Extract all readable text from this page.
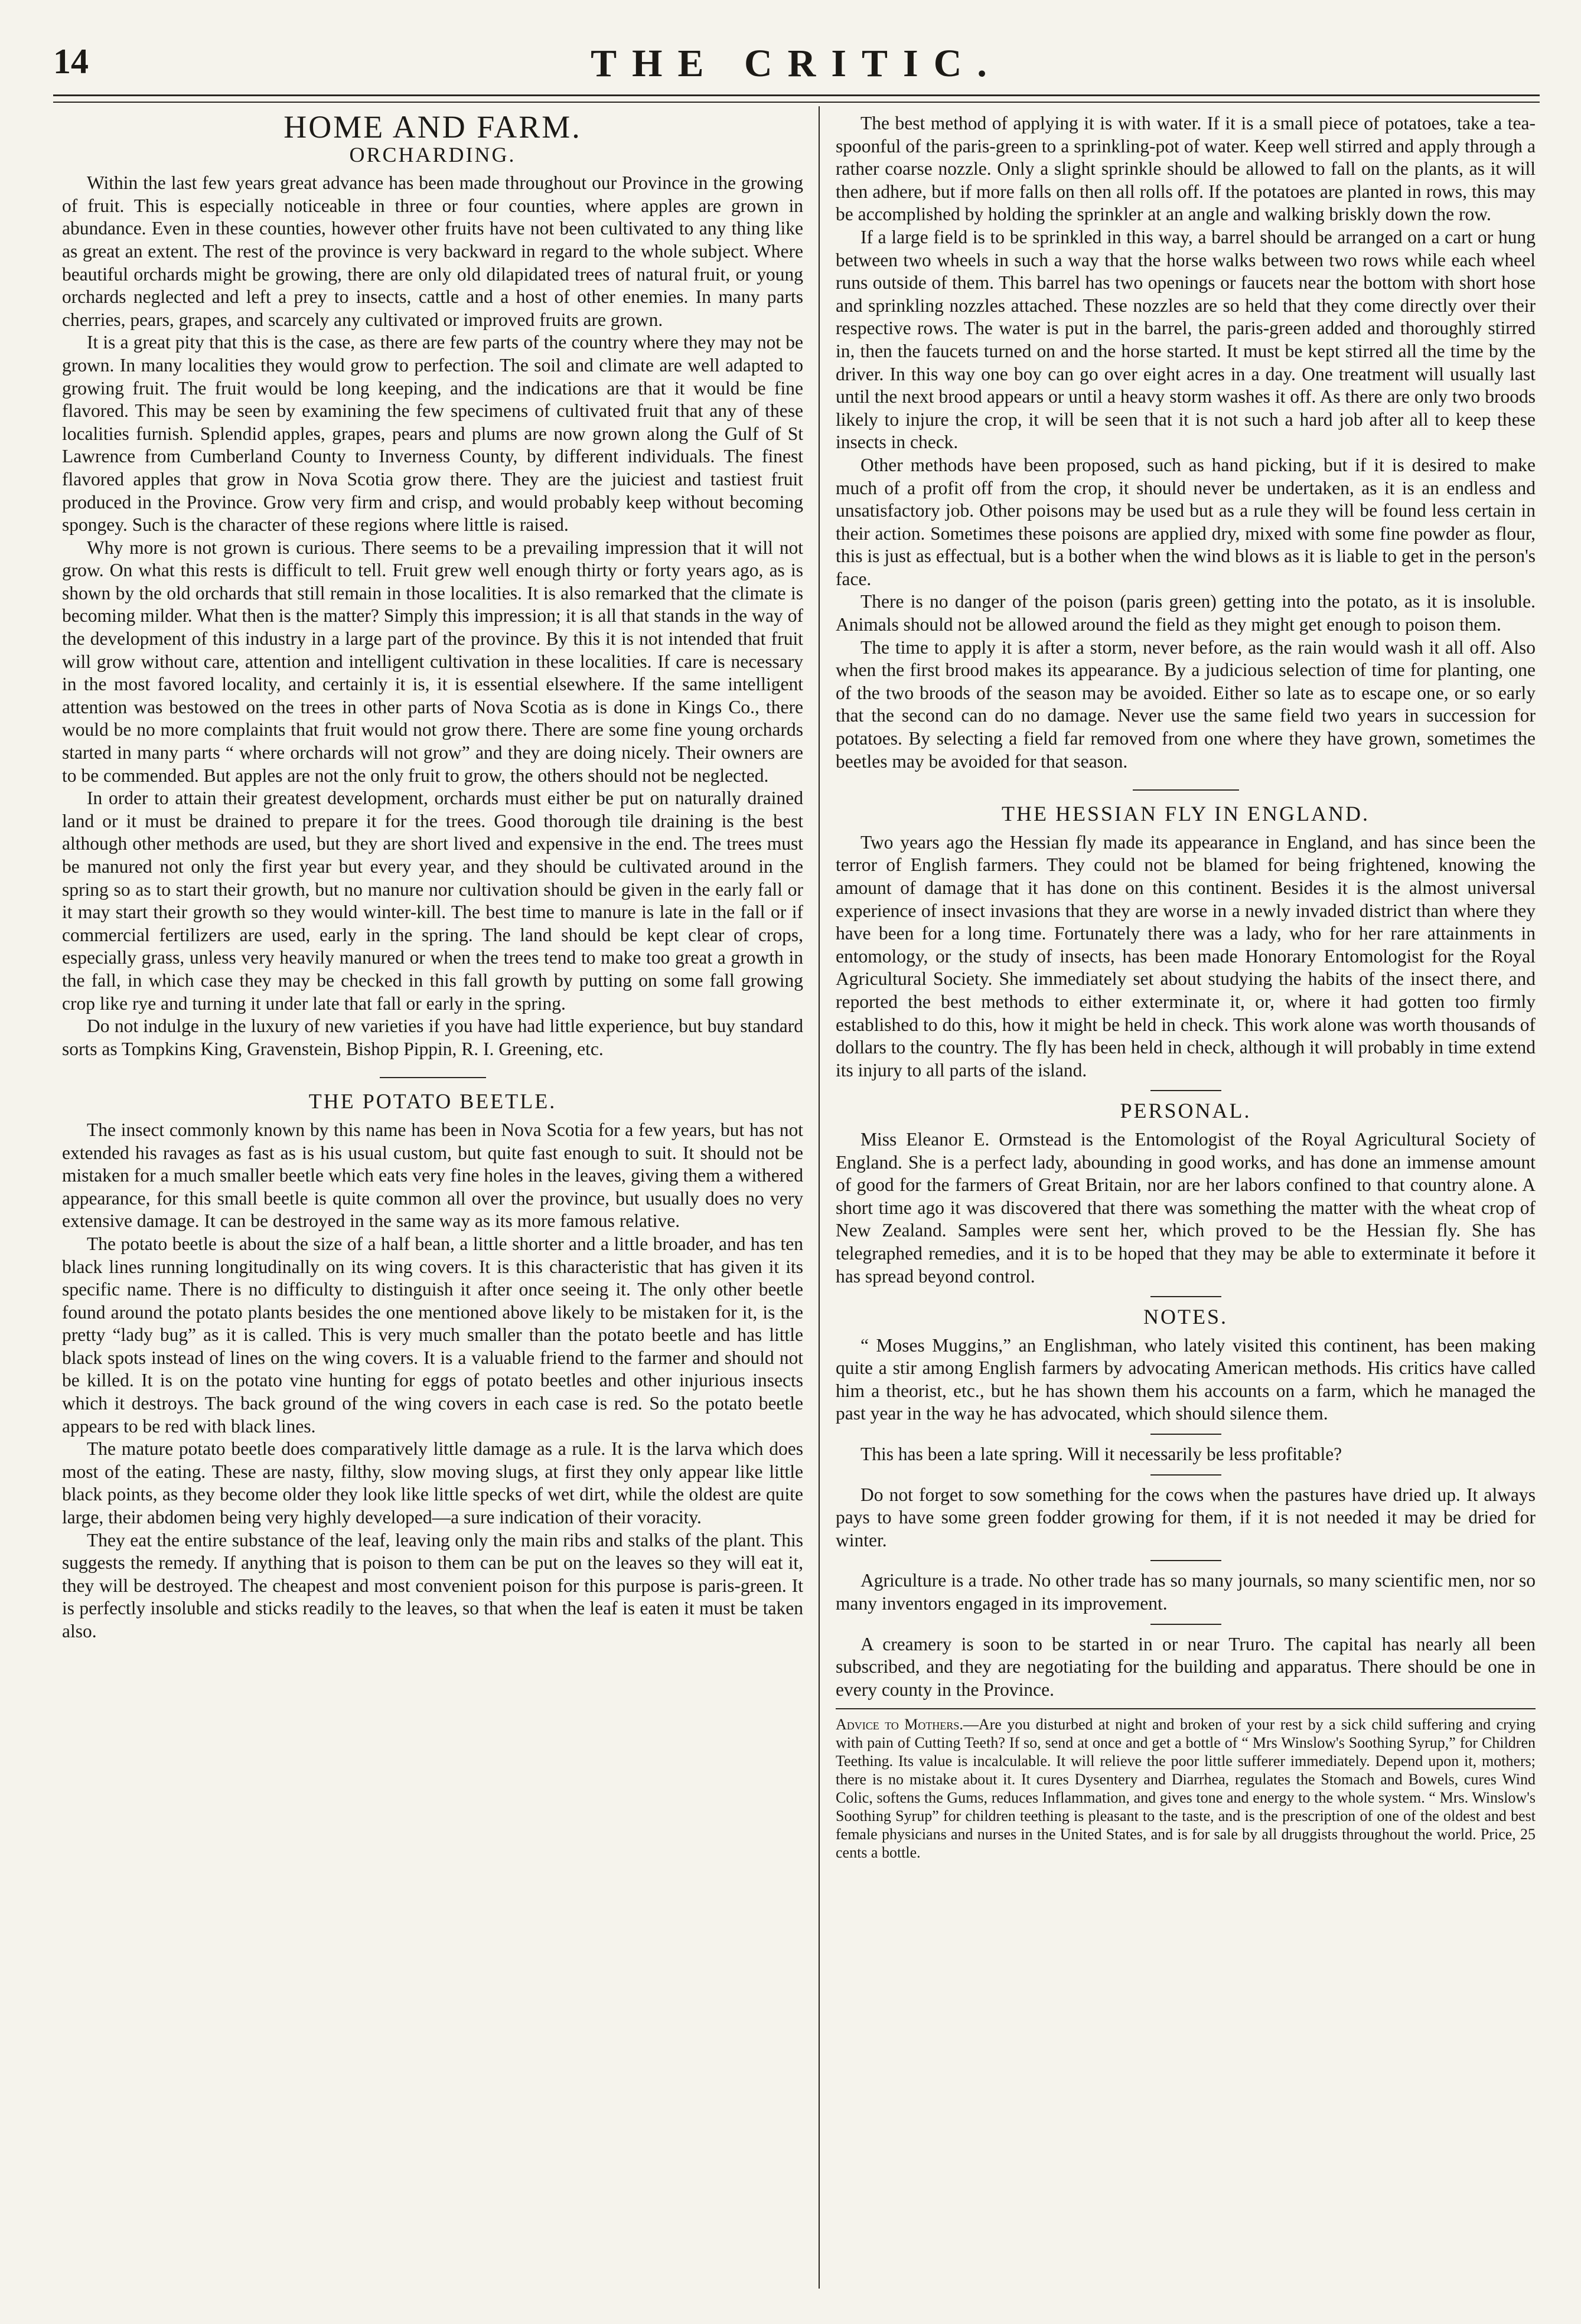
14	THE CRITIC.
HOME AND FARM.
ORCHARDING.

Within the last few years great advance has been made throughout our Province in the growing of fruit. This is especially noticeable in three or four counties, where apples are grown in abundance. Even in these counties, however other fruits have not been cultivated to any thing like as great an extent. The rest of the province is very backward in regard to the whole subject. Where beautiful orchards might be growing, there are only old dilapidated trees of natural fruit, or young orchards neglected and left a prey to insects, cattle and a host of other enemies. In many parts cherries, pears, grapes, and scarcely any cultivated or improved fruits are grown.

It is a great pity that this is the case, as there are few parts of the country where they may not be grown. In many localities they would grow to perfection. The soil and climate are well adapted to growing fruit. The fruit would be long keeping, and the indications are that it would be fine flavored. This may be seen by examining the few specimens of cultivated fruit that any of these localities furnish. Splendid apples, grapes, pears and plums are now grown along the Gulf of St Lawrence from Cumberland County to Inverness County, by different individuals. The finest flavored apples that grow in Nova Scotia grow there. They are the juiciest and tastiest fruit produced in the Province. Grow very firm and crisp, and would probably keep without becoming spongey. Such is the character of these regions where little is raised.

Why more is not grown is curious. There seems to be a prevailing impression that it will not grow. On what this rests is difficult to tell. Fruit grew well enough thirty or forty years ago, as is shown by the old orchards that still remain in those localities. It is also remarked that the climate is becoming milder. What then is the matter? Simply this impression; it is all that stands in the way of the development of this industry in a large part of the province. By this it is not intended that fruit will grow without care, attention and intelligent cultivation in these localities. If care is necessary in the most favored locality, and certainly it is, it is essential elsewhere. If the same intelligent attention was bestowed on the trees in other parts of Nova Scotia as is done in Kings Co., there would be no more complaints that fruit would not grow there. There are some fine young orchards started in many parts “ where orchards will not grow” and they are doing nicely. Their owners are to be commended. But apples are not the only fruit to grow, the others should not be neglected.

In order to attain their greatest development, orchards must either be put on naturally drained land or it must be drained to prepare it for the trees. Good thorough tile draining is the best although other methods are used, but they are short lived and expensive in the end. The trees must be manured not only the first year but every year, and they should be cultivated around in the spring so as to start their growth, but no manure nor cultivation should be given in the early fall or it may start their growth so they would winter-kill. The best time to manure is late in the fall or if commercial fertilizers are used, early in the spring. The land should be kept clear of crops, especially grass, unless very heavily manured or when the trees tend to make too great a growth in the fall, in which case they may be checked in this fall growth by putting on some fall growing crop like rye and turning it under late that fall or early in the spring.

Do not indulge in the luxury of new varieties if you have had little experience, but buy standard sorts as Tompkins King, Gravenstein, Bishop Pippin, R. I. Greening, etc.

THE POTATO BEETLE.

The insect commonly known by this name has been in Nova Scotia for a few years, but has not extended his ravages as fast as is his usual custom, but quite fast enough to suit. It should not be mistaken for a much smaller beetle which eats very fine holes in the leaves, giving them a withered appearance, for this small beetle is quite common all over the province, but usually does no very extensive damage. It can be destroyed in the same way as its more famous relative.

The potato beetle is about the size of a half bean, a little shorter and a little broader, and has ten black lines running longitudinally on its wing covers. It is this characteristic that has given it its specific name. There is no difficulty to distinguish it after once seeing it. The only other beetle found around the potato plants besides the one mentioned above likely to be mistaken for it, is the pretty “lady bug” as it is called. This is very much smaller than the potato beetle and has little black spots instead of lines on the wing covers. It is a valuable friend to the farmer and should not be killed. It is on the potato vine hunting for eggs of potato beetles and other injurious insects which it destroys. The back ground of the wing covers in each case is red. So the potato beetle appears to be red with black lines.

The mature potato beetle does comparatively little damage as a rule. It is the larva which does most of the eating. These are nasty, filthy, slow moving slugs, at first they only appear like little black points, as they become older they look like little specks of wet dirt, while the oldest are quite large, their abdomen being very highly developed—a sure indication of their voracity.

They eat the entire substance of the leaf, leaving only the main ribs and stalks of the plant. This suggests the remedy. If anything that is poison to them can be put on the leaves so they will eat it, they will be destroyed. The cheapest and most convenient poison for this purpose is paris-green. It is perfectly insoluble and sticks readily to the leaves, so that when the leaf is eaten it must be taken also.

The best method of applying it is with water. If it is a small piece of potatoes, take a tea-spoonful of the paris-green to a sprinkling-pot of water. Keep well stirred and apply through a rather coarse nozzle. Only a slight sprinkle should be allowed to fall on the plants, as it will then adhere, but if more falls on then all rolls off. If the potatoes are planted in rows, this may be accomplished by holding the sprinkler at an angle and walking briskly down the row.

If a large field is to be sprinkled in this way, a barrel should be arranged on a cart or hung between two wheels in such a way that the horse walks between two rows while each wheel runs outside of them. This barrel has two openings or faucets near the bottom with short hose and sprinkling nozzles attached. These nozzles are so held that they come directly over their respective rows. The water is put in the barrel, the paris-green added and thoroughly stirred in, then the faucets turned on and the horse started. It must be kept stirred all the time by the driver. In this way one boy can go over eight acres in a day. One treatment will usually last until the next brood appears or until a heavy storm washes it off. As there are only two broods likely to injure the crop, it will be seen that it is not such a hard job after all to keep these insects in check.

Other methods have been proposed, such as hand picking, but if it is desired to make much of a profit off from the crop, it should never be undertaken, as it is an endless and unsatisfactory job. Other poisons may be used but as a rule they will be found less certain in their action. Sometimes these poisons are applied dry, mixed with some fine powder as flour, this is just as effectual, but is a bother when the wind blows as it is liable to get in the person's face.

There is no danger of the poison (paris green) getting into the potato, as it is insoluble. Animals should not be allowed around the field as they might get enough to poison them.

The time to apply it is after a storm, never before, as the rain would wash it all off. Also when the first brood makes its appearance. By a judicious selection of time for planting, one of the two broods of the season may be avoided. Either so late as to escape one, or so early that the second can do no damage. Never use the same field two years in succession for potatoes. By selecting a field far removed from one where they have grown, sometimes the beetles may be avoided for that season.

THE HESSIAN FLY IN ENGLAND.

Two years ago the Hessian fly made its appearance in England, and has since been the terror of English farmers. They could not be blamed for being frightened, knowing the amount of damage that it has done on this continent. Besides it is the almost universal experience of insect invasions that they are worse in a newly invaded district than where they have been for a long time. Fortunately there was a lady, who for her rare attainments in entomology, or the study of insects, has been made Honorary Entomologist for the Royal Agricultural Society. She immediately set about studying the habits of the insect there, and reported the best methods to either exterminate it, or, where it had gotten too firmly established to do this, how it might be held in check. This work alone was worth thousands of dollars to the country. The fly has been held in check, although it will probably in time extend its injury to all parts of the island.

PERSONAL.

Miss Eleanor E. Ormstead is the Entomologist of the Royal Agricultural Society of England. She is a perfect lady, abounding in good works, and has done an immense amount of good for the farmers of Great Britain, nor are her labors confined to that country alone. A short time ago it was discovered that there was something the matter with the wheat crop of New Zealand. Samples were sent her, which proved to be the Hessian fly. She has telegraphed remedies, and it is to be hoped that they may be able to exterminate it before it has spread beyond control.

NOTES.

“ Moses Muggins,” an Englishman, who lately visited this continent, has been making quite a stir among English farmers by advocating American methods. His critics have called him a theorist, etc., but he has shown them his accounts on a farm, which he managed the past year in the way he has advocated, which should silence them.

This has been a late spring. Will it necessarily be less profitable?

Do not forget to sow something for the cows when the pastures have dried up. It always pays to have some green fodder growing for them, if it is not needed it may be dried for winter.

Agriculture is a trade. No other trade has so many journals, so many scientific men, nor so many inventors engaged in its improvement.

A creamery is soon to be started in or near Truro. The capital has nearly all been subscribed, and they are negotiating for the building and apparatus. There should be one in every county in the Province.

Advice to Mothers.—Are you disturbed at night and broken of your rest by a sick child suffering and crying with pain of Cutting Teeth? If so, send at once and get a bottle of “ Mrs Winslow's Soothing Syrup,” for Children Teething. Its value is incalculable. It will relieve the poor little sufferer immediately. Depend upon it, mothers; there is no mistake about it. It cures Dysentery and Diarrhea, regulates the Stomach and Bowels, cures Wind Colic, softens the Gums, reduces Inflammation, and gives tone and energy to the whole system. “ Mrs. Winslow's Soothing Syrup” for children teething is pleasant to the taste, and is the prescription of one of the oldest and best female physicians and nurses in the United States, and is for sale by all druggists throughout the world. Price, 25 cents a bottle.
